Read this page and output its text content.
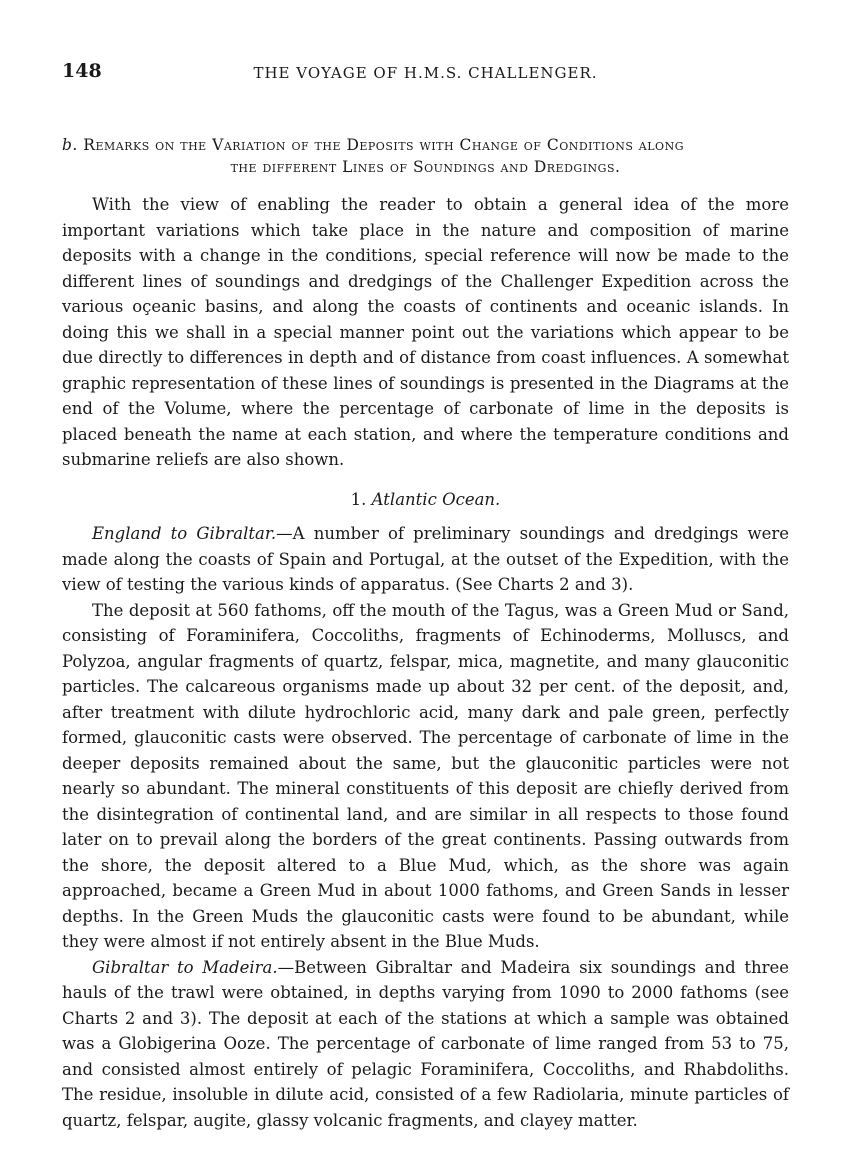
148	THE VOYAGE OF H.M.S. CHALLENGER.
b. Remarks on the Variation of the Deposits with Change of Conditions along
the different Lines of Soundings and Dredgings.

With the view of enabling the reader to obtain a general idea of the more important variations which take place in the nature and composition of marine deposits with a change in the conditions, special reference will now be made to the different lines of soundings and dredgings of the Challenger Expedition across the various oçeanic basins, and along the coasts of continents and oceanic islands. In doing this we shall in a special manner point out the variations which appear to be due directly to differences in depth and of distance from coast influences. A somewhat graphic representation of these lines of soundings is presented in the Diagrams at the end of the Volume, where the percentage of carbonate of lime in the deposits is placed beneath the name at each station, and where the temperature conditions and submarine reliefs are also shown.

1. Atlantic Ocean.

England to Gibraltar.—A number of preliminary soundings and dredgings were made along the coasts of Spain and Portugal, at the outset of the Expedition, with the view of testing the various kinds of apparatus. (See Charts 2 and 3).

The deposit at 560 fathoms, off the mouth of the Tagus, was a Green Mud or Sand, consisting of Foraminifera, Coccoliths, fragments of Echinoderms, Molluscs, and Polyzoa, angular fragments of quartz, felspar, mica, magnetite, and many glauconitic particles. The calcareous organisms made up about 32 per cent. of the deposit, and, after treatment with dilute hydrochloric acid, many dark and pale green, perfectly formed, glauconitic casts were observed. The percentage of carbonate of lime in the deeper deposits remained about the same, but the glauconitic particles were not nearly so abundant. The mineral constituents of this deposit are chiefly derived from the disintegration of continental land, and are similar in all respects to those found later on to prevail along the borders of the great continents. Passing outwards from the shore, the deposit altered to a Blue Mud, which, as the shore was again approached, became a Green Mud in about 1000 fathoms, and Green Sands in lesser depths. In the Green Muds the glauconitic casts were found to be abundant, while they were almost if not entirely absent in the Blue Muds.

Gibraltar to Madeira.—Between Gibraltar and Madeira six soundings and three hauls of the trawl were obtained, in depths varying from 1090 to 2000 fathoms (see Charts 2 and 3). The deposit at each of the stations at which a sample was obtained was a Globigerina Ooze. The percentage of carbonate of lime ranged from 53 to 75, and consisted almost entirely of pelagic Foraminifera, Coccoliths, and Rhabdoliths. The residue, insoluble in dilute acid, consisted of a few Radiolaria, minute particles of quartz, felspar, augite, glassy volcanic fragments, and clayey matter.
